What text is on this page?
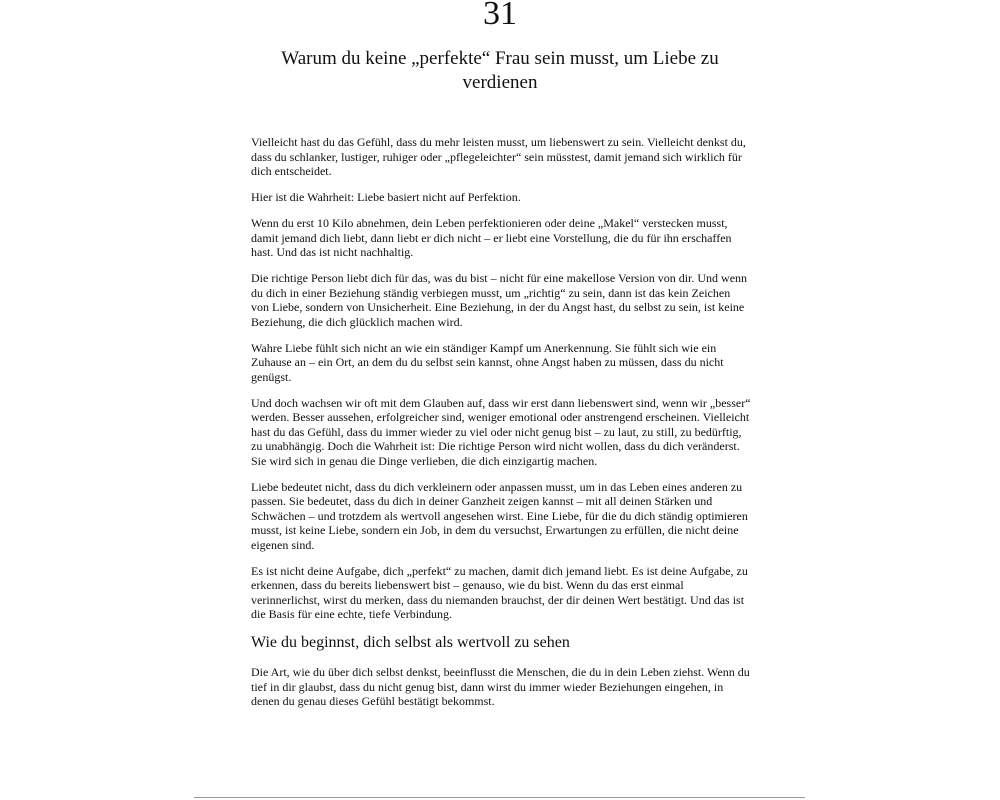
31
Warum du keine „perfekte“ Frau sein musst, um Liebe zu verdienen

Vielleicht hast du das Gefühl, dass du mehr leisten musst, um liebenswert zu sein. Vielleicht denkst du, dass du schlanker, lustiger, ruhiger oder „pflegeleichter“ sein müsstest, damit jemand sich wirklich für dich entscheidet.

Hier ist die Wahrheit: Liebe basiert nicht auf Perfektion.

Wenn du erst 10 Kilo abnehmen, dein Leben perfektionieren oder deine „Makel“ verstecken musst, damit jemand dich liebt, dann liebt er dich nicht – er liebt eine Vorstellung, die du für ihn erschaffen hast. Und das ist nicht nachhaltig.

Die richtige Person liebt dich für das, was du bist – nicht für eine makellose Version von dir. Und wenn du dich in einer Beziehung ständig verbiegen musst, um „richtig“ zu sein, dann ist das kein Zeichen von Liebe, sondern von Unsicherheit. Eine Beziehung, in der du Angst hast, du selbst zu sein, ist keine Beziehung, die dich glücklich machen wird.

Wahre Liebe fühlt sich nicht an wie ein ständiger Kampf um Anerkennung. Sie fühlt sich wie ein Zuhause an – ein Ort, an dem du du selbst sein kannst, ohne Angst haben zu müssen, dass du nicht genügst.

Und doch wachsen wir oft mit dem Glauben auf, dass wir erst dann liebenswert sind, wenn wir „besser“ werden. Besser aussehen, erfolgreicher sind, weniger emotional oder anstrengend erscheinen. Vielleicht hast du das Gefühl, dass du immer wieder zu viel oder nicht genug bist – zu laut, zu still, zu bedürftig, zu unabhängig. Doch die Wahrheit ist: Die richtige Person wird nicht wollen, dass du dich veränderst. Sie wird sich in genau die Dinge verlieben, die dich einzigartig machen.

Liebe bedeutet nicht, dass du dich verkleinern oder anpassen musst, um in das Leben eines anderen zu passen. Sie bedeutet, dass du dich in deiner Ganzheit zeigen kannst – mit all deinen Stärken und Schwächen – und trotzdem als wertvoll angesehen wirst. Eine Liebe, für die du dich ständig optimieren musst, ist keine Liebe, sondern ein Job, in dem du versuchst, Erwartungen zu erfüllen, die nicht deine eigenen sind.

Es ist nicht deine Aufgabe, dich „perfekt“ zu machen, damit dich jemand liebt. Es ist deine Aufgabe, zu erkennen, dass du bereits liebenswert bist – genauso, wie du bist. Wenn du das erst einmal verinnerlichst, wirst du merken, dass du niemanden brauchst, der dir deinen Wert bestätigt. Und das ist die Basis für eine echte, tiefe Verbindung.

Wie du beginnst, dich selbst als wertvoll zu sehen

Die Art, wie du über dich selbst denkst, beeinflusst die Menschen, die du in dein Leben ziehst. Wenn du tief in dir glaubst, dass du nicht genug bist, dann wirst du immer wieder Beziehungen eingehen, in denen du genau dieses Gefühl bestätigt bekommst.
